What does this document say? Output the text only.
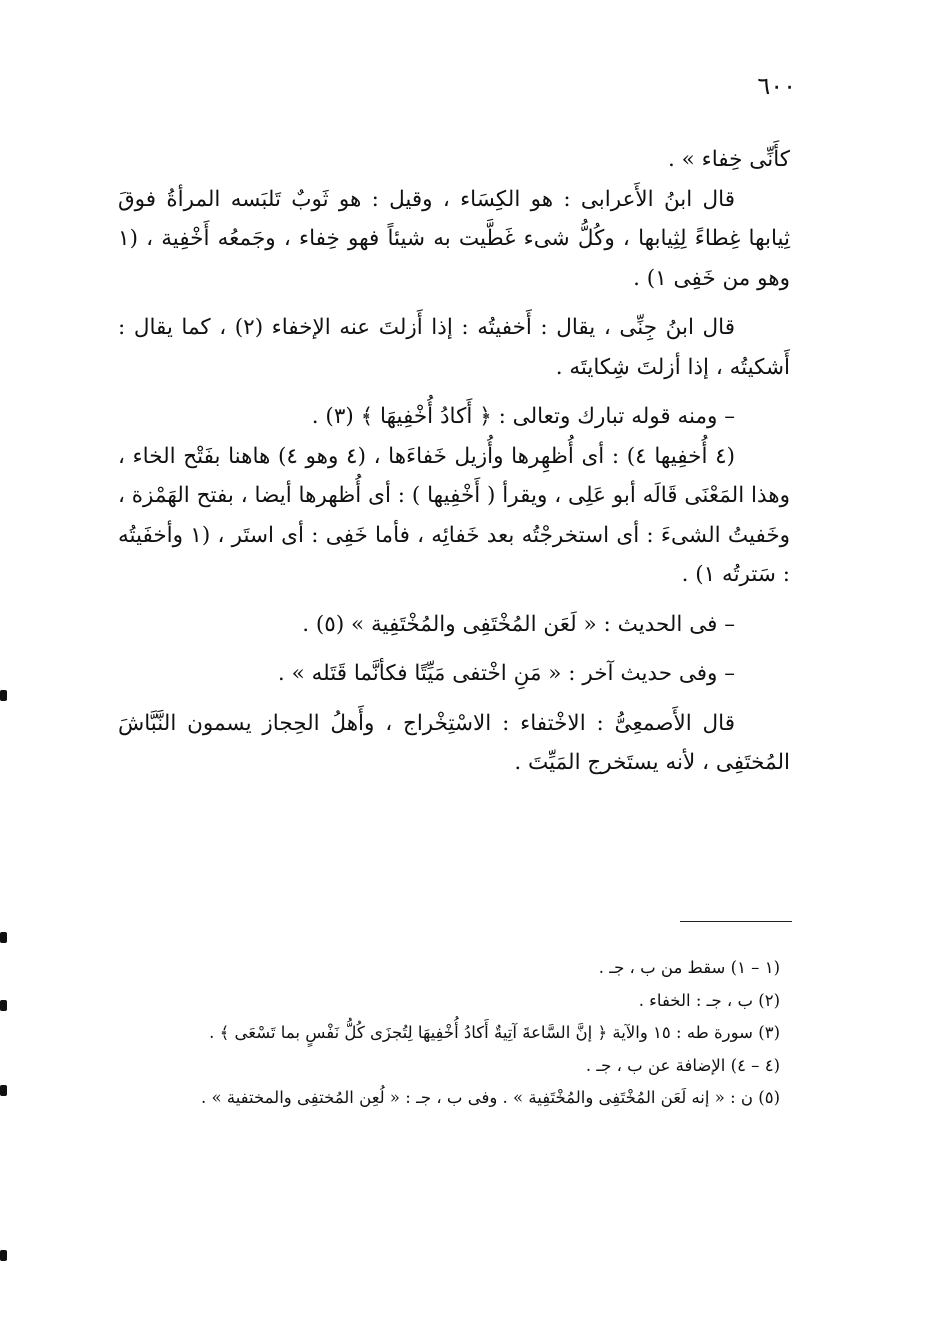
٦٠٠

كأَنِّى خِفاء » .

قال ابنُ الأَعرابى : هو الكِسَاء ، وقيل : هو ثَوبٌ تَلبَسه المرأةُ فوقَ ثِيابها غِطاءً لِثِيابها ، وكُلُّ شىء غَطَّيت به شيئاً فهو خِفاء ، وجَمعُه أَخْفِية ، (١ وهو من خَفِى ١) .

قال ابنُ جِنِّى ، يقال : أَخفيتُه : إذا أَزلتَ عنه الإخفاء (٢) ، كما يقال : أَشكيتُه ، إذا أزلتَ شِكايتَه .

– ومنه قوله تبارك وتعالى : ﴿ أَكادُ أُخْفِيهَا ﴾ (٣) .

(٤ أُخفِيها ٤) : أى أُظهِرها وأُزيل خَفاءَها ، (٤ وهو ٤) هاهنا بفَتْح الخاء ، وهذا المَعْنَى قَالَه أبو عَلِى ، ويقرأ ( أَخْفِيها ) : أى أُظهرها أيضا ، بفتح الهَمْزة ، وخَفيتُ الشىءَ : أى استخرجْتُه بعد خَفائِه ، فأما خَفِى : أى استَر ، (١ وأخفَيتُه : سَترتُه ١) .

– فى الحديث : « لَعَن المُخْتَفِى والمُخْتَفِية » (٥) .

– وفى حديث آخر : « مَنِ اخْتفى مَيِّتًا فكأنَّما قَتَله » .

قال الأَصمعِىُّ : الاخْتفاء : الاسْتِخْراج ، وأَهلُ الحِجاز يسمون النَّبَّاشَ المُختَفِى ، لأنه يستَخرج المَيِّتَ .

(١ – ١) سقط من ب ، جـ .

(٢) ب ، جـ : الخفاء .

(٣) سورة طه : ١٥ والآية ﴿ إنَّ السَّاعةَ آتِيةٌ أَكادُ أُخْفِيهَا لِتُجزَى كُلُّ نَفْسٍ بما تَسْعَى ﴾ .

(٤ – ٤) الإضافة عن ب ، جـ .

(٥) ن : « إنه لَعَن المُخْتَفِى والمُخْتَفِية » . وفى ب ، جـ : « لُعِن المُختفِى والمختفية » .
